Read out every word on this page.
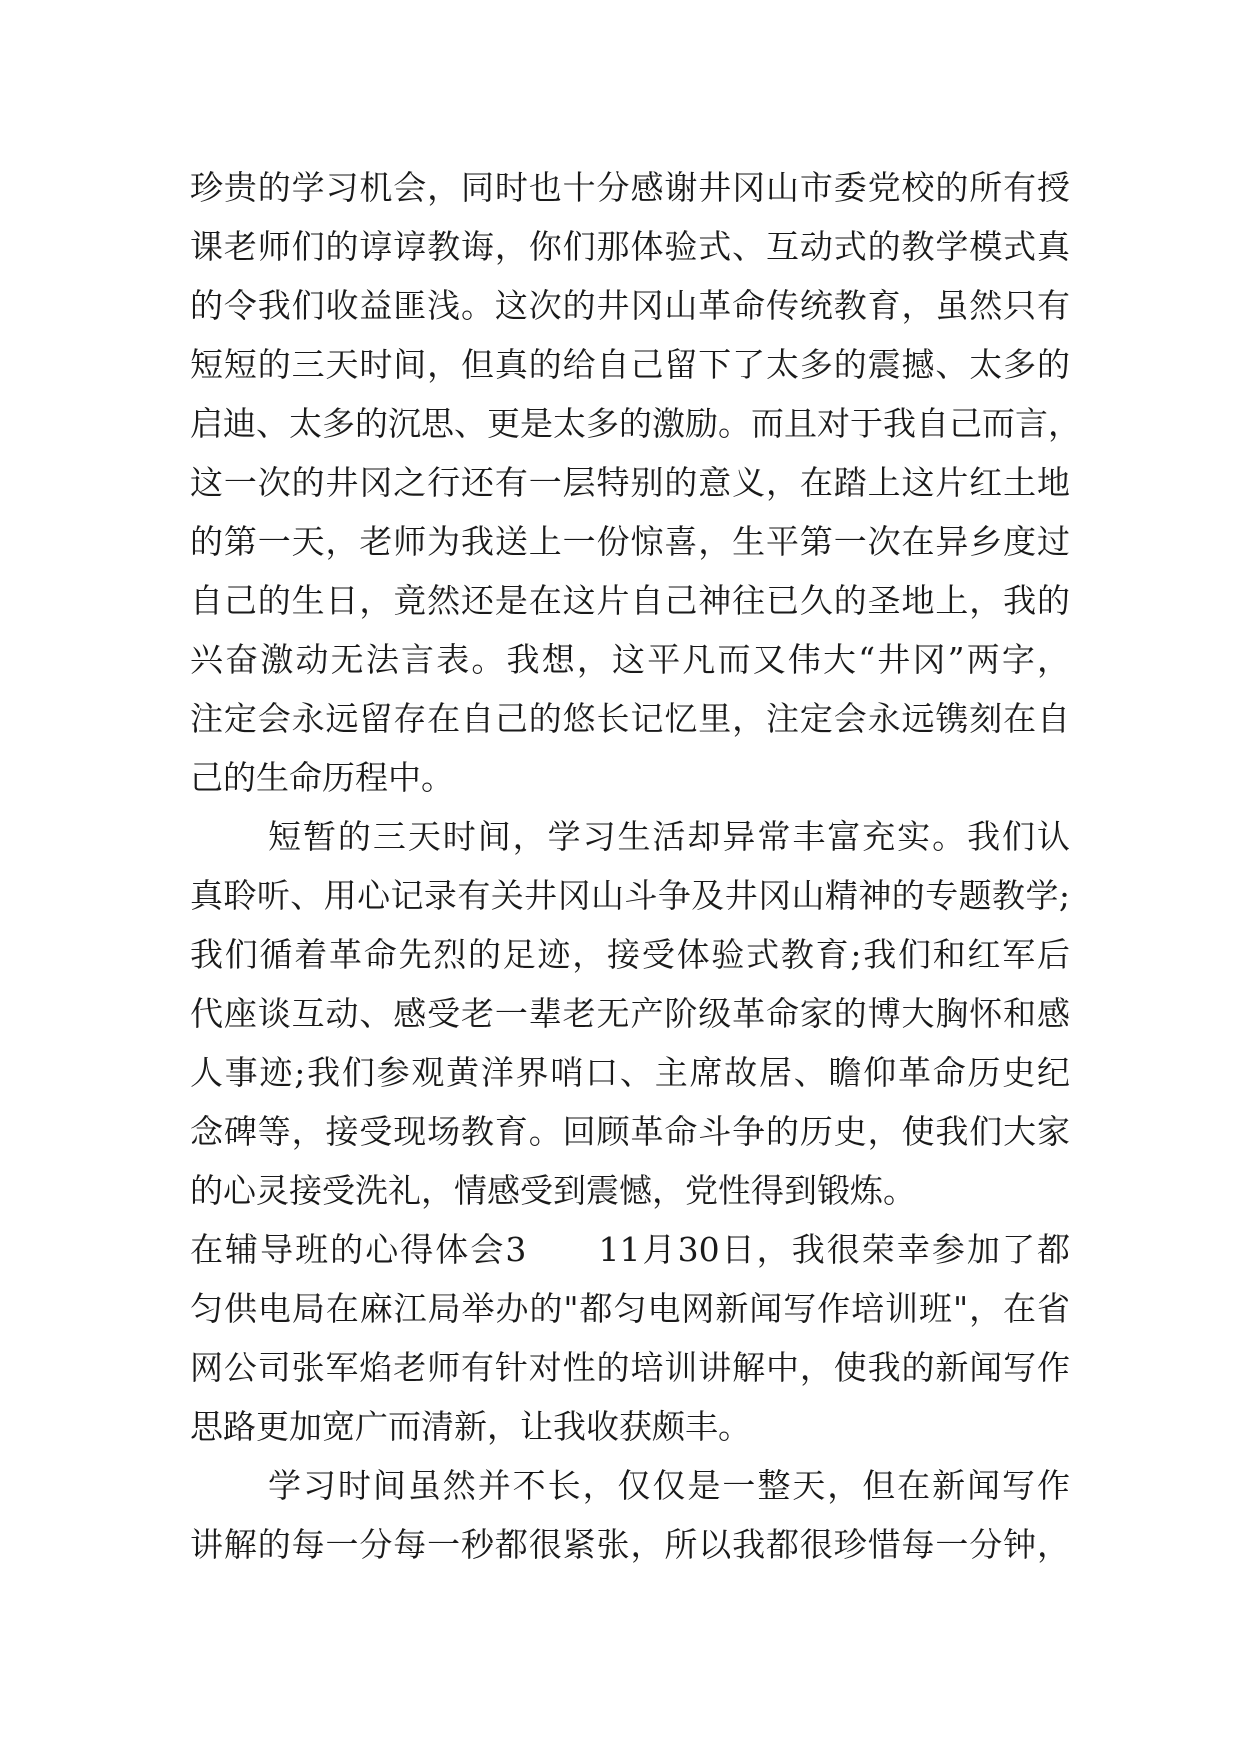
珍贵的学习机会，同时也十分感谢井冈山市委党校的所有授
课老师们的谆谆教诲，你们那体验式、互动式的教学模式真
的令我们收益匪浅。这次的井冈山革命传统教育，虽然只有
短短的三天时间，但真的给自己留下了太多的震撼、太多的
启迪、太多的沉思、更是太多的激励。而且对于我自己而言，
这一次的井冈之行还有一层特别的意义，在踏上这片红土地
的第一天，老师为我送上一份惊喜，生平第一次在异乡度过
自己的生日，竟然还是在这片自己神往已久的圣地上，我的
兴奋激动无法言表。我想，这平凡而又伟大“井冈”两字，
注定会永远留存在自己的悠长记忆里，注定会永远镌刻在自
己的生命历程中。
短暂的三天时间，学习生活却异常丰富充实。我们认
真聆听、用心记录有关井冈山斗争及井冈山精神的专题教学;
我们循着革命先烈的足迹，接受体验式教育;我们和红军后
代座谈互动、感受老一辈老无产阶级革命家的博大胸怀和感
人事迹;我们参观黄洋界哨口、主席故居、瞻仰革命历史纪
念碑等，接受现场教育。回顾革命斗争的历史，使我们大家
的心灵接受洗礼，情感受到震憾，党性得到锻炼。
在辅导班的心得体会3　　11月30日，我很荣幸参加了都
匀供电局在麻江局举办的"都匀电网新闻写作培训班"，在省
网公司张军焰老师有针对性的培训讲解中，使我的新闻写作
思路更加宽广而清新，让我收获颇丰。
学习时间虽然并不长，仅仅是一整天，但在新闻写作
讲解的每一分每一秒都很紧张，所以我都很珍惜每一分钟，
